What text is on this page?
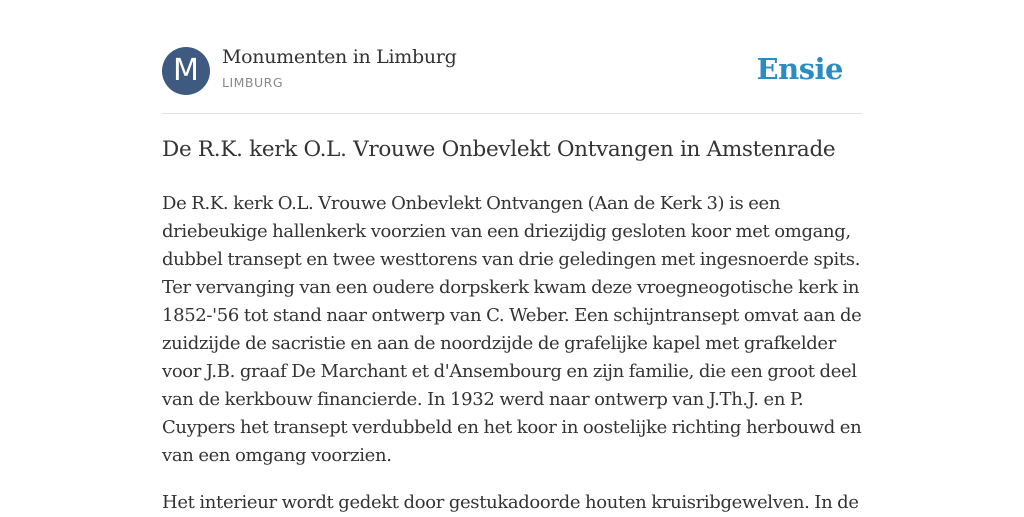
M	Monumenten in Limburg
LIMBURG	Ensie
De R.K. kerk O.L. Vrouwe Onbevlekt Ontvangen in Amstenrade

De R.K. kerk O.L. Vrouwe Onbevlekt Ontvangen (Aan de Kerk 3) is een driebeukige hallenkerk voorzien van een driezijdig gesloten koor met omgang, dubbel transept en twee westtorens van drie geledingen met ingesnoerde spits. Ter vervanging van een oudere dorpskerk kwam deze vroegneogotische kerk in 1852-'56 tot stand naar ontwerp van C. Weber. Een schijntransept omvat aan de zuidzijde de sacristie en aan de noordzijde de grafelijke kapel met grafkelder voor J.B. graaf De Marchant et d'Ansembourg en zijn familie, die een groot deel van de kerkbouw financierde. In 1932 werd naar ontwerp van J.Th.J. en P. Cuypers het transept verdubbeld en het koor in oostelijke richting herbouwd en van een omgang voorzien.

Het interieur wordt gedekt door gestukadoorde houten kruisribgewelven. In de
